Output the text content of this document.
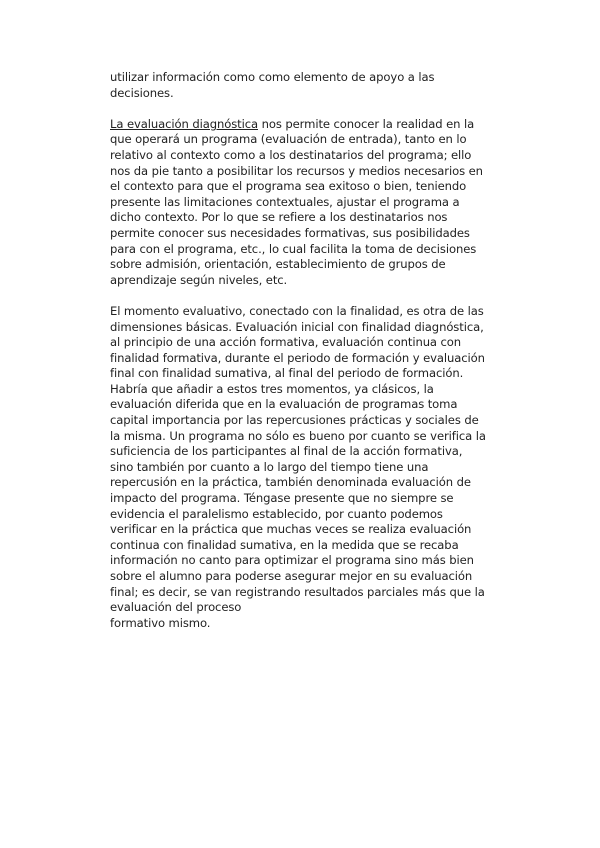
utilizar información como como elemento de apoyo a las
decisiones.
La evaluación diagnóstica nos permite conocer la realidad en la
que operará un programa (evaluación de entrada), tanto en lo
relativo al contexto como a los destinatarios del programa; ello
nos da pie tanto a posibilitar los recursos y medios necesarios en
el contexto para que el programa sea exitoso o bien, teniendo
presente las limitaciones contextuales, ajustar el programa a
dicho contexto. Por lo que se refiere a los destinatarios nos
permite conocer sus necesidades formativas, sus posibilidades
para con el programa, etc., lo cual facilita la toma de decisiones
sobre admisión, orientación, establecimiento de grupos de
aprendizaje según niveles, etc.
El momento evaluativo, conectado con la finalidad, es otra de las
dimensiones básicas. Evaluación inicial con finalidad diagnóstica,
al principio de una acción formativa, evaluación continua con
finalidad formativa, durante el periodo de formación y evaluación
final con finalidad sumativa, al final del periodo de formación.
Habría que añadir a estos tres momentos, ya clásicos, la
evaluación diferida que en la evaluación de programas toma
capital importancia por las repercusiones prácticas y sociales de
la misma. Un programa no sólo es bueno por cuanto se verifica la
suficiencia de los participantes al final de la acción formativa,
sino también por cuanto a lo largo del tiempo tiene una
repercusión en la práctica, también denominada evaluación de
impacto del programa. Téngase presente que no siempre se
evidencia el paralelismo establecido, por cuanto podemos
verificar en la práctica que muchas veces se realiza evaluación
continua con finalidad sumativa, en la medida que se recaba
información no canto para optimizar el programa sino más bien
sobre el alumno para poderse asegurar mejor en su evaluación
final; es decir, se van registrando resultados parciales más que la
evaluación del proceso
formativo mismo.
